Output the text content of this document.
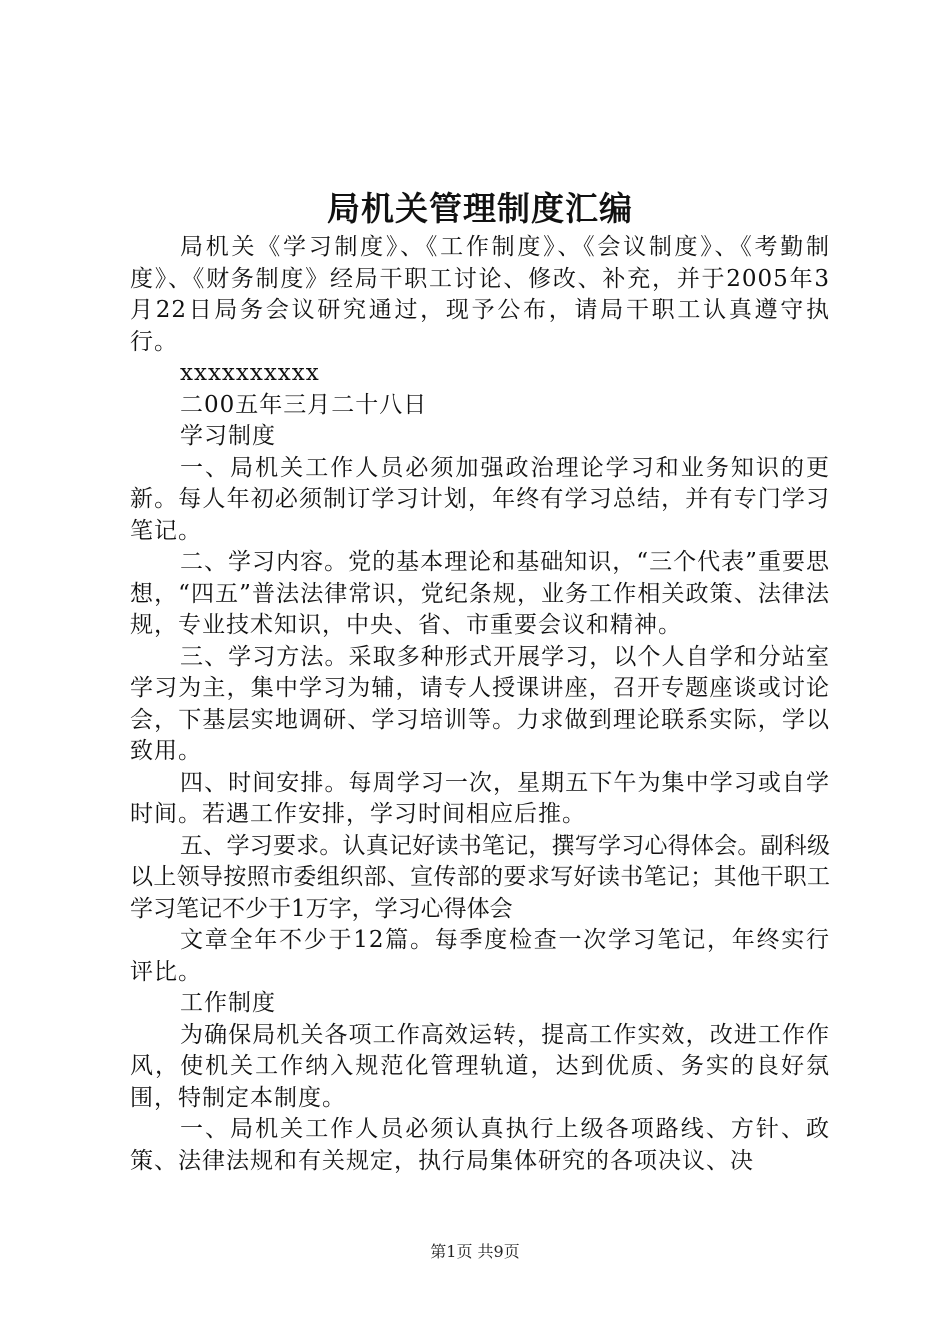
局机关管理制度汇编

局机关《学习制度》、《工作制度》、《会议制度》、《考勤制度》、《财务制度》经局干职工讨论、修改、补充，并于2005年3月22日局务会议研究通过，现予公布，请局干职工认真遵守执行。

xxxxxxxxxx

二00五年三月二十八日

学习制度

一、局机关工作人员必须加强政治理论学习和业务知识的更新。每人年初必须制订学习计划，年终有学习总结，并有专门学习笔记。

二、学习内容。党的基本理论和基础知识，“三个代表”重要思想，“四五”普法法律常识，党纪条规，业务工作相关政策、法律法规，专业技术知识，中央、省、市重要会议和精神。

三、学习方法。采取多种形式开展学习，以个人自学和分站室学习为主，集中学习为辅，请专人授课讲座，召开专题座谈或讨论会，下基层实地调研、学习培训等。力求做到理论联系实际，学以致用。

四、时间安排。每周学习一次，星期五下午为集中学习或自学时间。若遇工作安排，学习时间相应后推。

五、学习要求。认真记好读书笔记，撰写学习心得体会。副科级以上领导按照市委组织部、宣传部的要求写好读书笔记；其他干职工学习笔记不少于1万字，学习心得体会

文章全年不少于12篇。每季度检查一次学习笔记，年终实行评比。

工作制度

为确保局机关各项工作高效运转，提高工作实效，改进工作作风，使机关工作纳入规范化管理轨道，达到优质、务实的良好氛围，特制定本制度。

一、局机关工作人员必须认真执行上级各项路线、方针、政策、法律法规和有关规定，执行局集体研究的各项决议、决

第1页 共9页
